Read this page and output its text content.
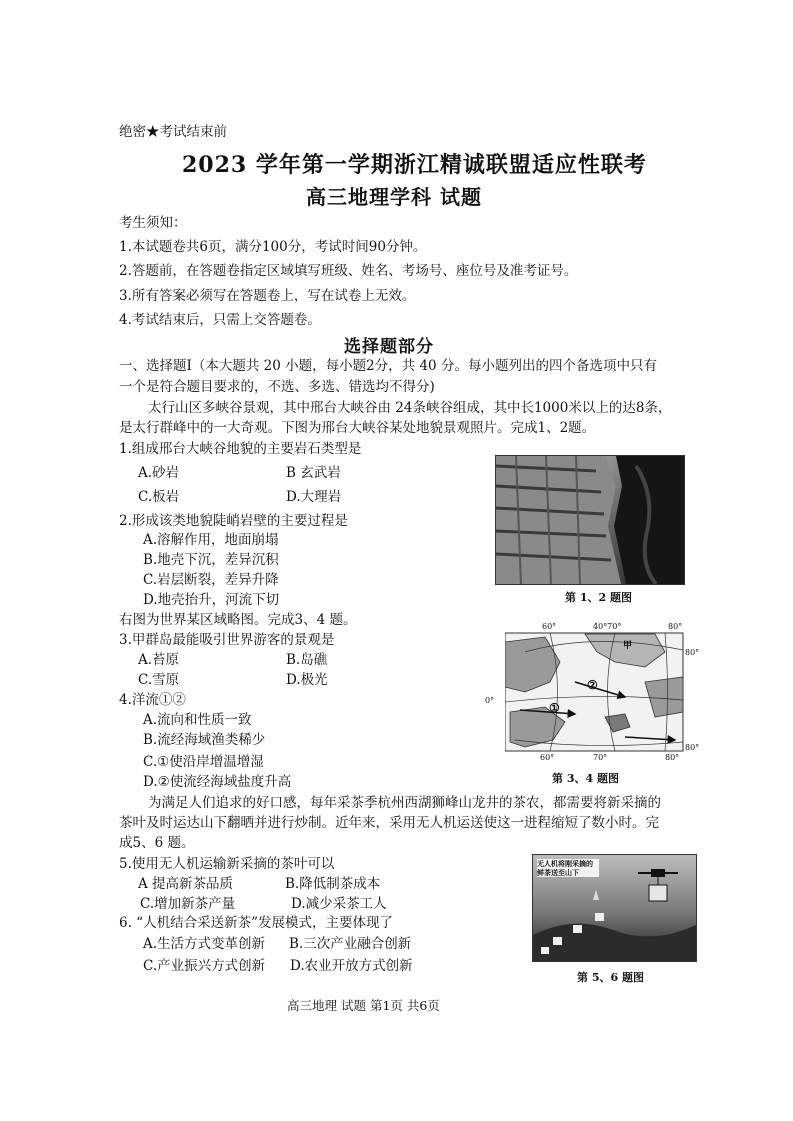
绝密★考试结束前
2023 学年第一学期浙江精诚联盟适应性联考
高三地理学科 试题
考生须知：
1.本试题卷共6页，满分100分，考试时间90分钟。
2.答题前，在答题卷指定区域填写班级、姓名、考场号、座位号及准考证号。
3.所有答案必须写在答题卷上，写在试卷上无效。
4.考试结束后，只需上交答题卷。
选择题部分
一、选择题Ⅰ（本大题共 20 小题，每小题2分，共 40 分。每小题列出的四个备选项中只有
一个是符合题目要求的，不选、多选、错选均不得分)
太行山区多峡谷景观，其中邢台大峡谷由 24条峡谷组成，其中长1000米以上的达8条，
是太行群峰中的一大奇观。下图为邢台大峡谷某处地貌景观照片。完成1、2题。
1.组成邢台大峡谷地貌的主要岩石类型是
A.砂岩	B 玄武岩
C.板岩	D.大理岩
2.形成该类地貌陡峭岩壁的主要过程是
A.溶解作用，地面崩塌
B.地壳下沉，差异沉积
C.岩层断裂，差异升降
D.地壳抬升，河流下切	第 1、2 题图
右图为世界某区域略图。完成3、4 题。
3.甲群岛最能吸引世界游客的景观是
A.苔原	B.岛礁
C.雪原	D.极光
4.洋流①②
A.流向和性质一致
B.流经海域渔类稀少
C.①使沿岸增温增湿
D.②使流经海域盐度升高
60°	40°70°	80°
80°
80°
0°
60°	70°	80°
①
②
甲
第 3、4 题图
为满足人们追求的好口感，每年采茶季杭州西湖狮峰山龙井的茶农，都需要将新采摘的
茶叶及时运达山下翻晒并进行炒制。近年来，采用无人机运送使这一进程缩短了数小时。完
成5、6 题。
5.使用无人机运输新采摘的茶叶可以
A 提高新茶品质	B.降低制茶成本
C.增加新茶产量	D.减少采茶工人
6. “人机结合采送新茶”发展模式，主要体现了
A.生活方式变革创新 B.三次产业融合创新
C.产业振兴方式创新 D.农业开放方式创新
无人机将刚采摘的鲜茶送至山下
第 5、6 题图
高三地理 试题 第1页 共6页
